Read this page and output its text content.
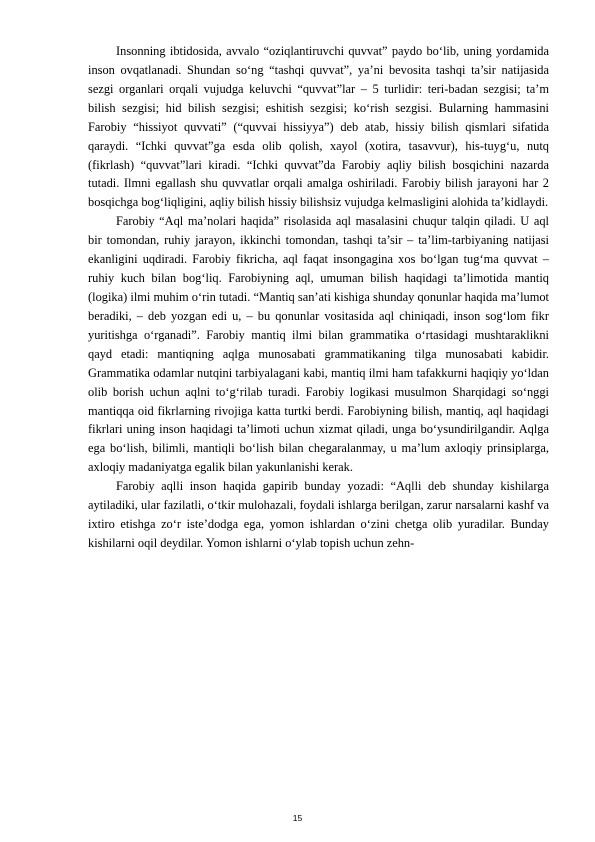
Insonning ibtidosida, avvalo “oziqlantiruvchi quvvat” paydo bo‘lib, uning yordamida inson ovqatlanadi. Shundan so‘ng “tashqi quvvat”, ya’ni bevosita tashqi ta’sir natijasida sezgi organlari orqali vujudga keluvchi “quvvat”lar – 5 turlidir: teri-badan sezgisi; ta’m bilish sezgisi; hid bilish sezgisi; eshitish sezgisi; ko‘rish sezgisi. Bularning hammasini Farobiy “hissiyot quvvati” (“quvvai hissiyya”) deb atab, hissiy bilish qismlari sifatida qaraydi. “Ichki quvvat”ga esda olib qolish, xayol (xotira, tasavvur), his-tuyg‘u, nutq (fikrlash) “quvvat”lari kiradi. “Ichki quvvat”da Farobiy aqliy bilish bosqichini nazarda tutadi. Ilmni egallash shu quvvatlar orqali amalga oshiriladi. Farobiy bilish jarayoni har 2 bosqichga bog‘liqligini, aqliy bilish hissiy bilishsiz vujudga kelmasligini alohida ta’kidlaydi.

Farobiy “Aql ma’nolari haqida” risolasida aql masalasini chuqur talqin qiladi. U aql bir tomondan, ruhiy jarayon, ikkinchi tomondan, tashqi ta’sir – ta’lim-tarbiyaning natijasi ekanligini uqdiradi. Farobiy fikricha, aql faqat insongagina xos bo‘lgan tug‘ma quvvat – ruhiy kuch bilan bog‘liq. Farobiyning aql, umuman bilish haqidagi ta’limotida mantiq (logika) ilmi muhim o‘rin tutadi. “Mantiq san’ati kishiga shunday qonunlar haqida ma’lumot beradiki, – deb yozgan edi u, – bu qonunlar vositasida aql chiniqadi, inson sog‘lom fikr yuritishga o‘rganadi”. Farobiy mantiq ilmi bilan grammatika o‘rtasidagi mushtaraklikni qayd etadi: mantiqning aqlga munosabati grammatikaning tilga munosabati kabidir. Grammatika odamlar nutqini tarbiyalagani kabi, mantiq ilmi ham tafakkurni haqiqiy yo‘ldan olib borish uchun aqlni to‘g‘rilab turadi. Farobiy logikasi musulmon Sharqidagi so‘nggi mantiqqa oid fikrlarning rivojiga katta turtki berdi. Farobiyning bilish, mantiq, aql haqidagi fikrlari uning inson haqidagi ta’limoti uchun xizmat qiladi, unga bo‘ysundirilgandir. Aqlga ega bo‘lish, bilimli, mantiqli bo‘lish bilan chegaralanmay, u ma’lum axloqiy prinsiplarga, axloqiy madaniyatga egalik bilan yakunlanishi kerak.

Farobiy aqlli inson haqida gapirib bunday yozadi: “Aqlli deb shunday kishilarga aytiladiki, ular fazilatli, o‘tkir mulohazali, foydali ishlarga berilgan, zarur narsalarni kashf va ixtiro etishga zo‘r iste’dodga ega, yomon ishlardan o‘zini chetga olib yuradilar. Bunday kishilarni oqil deydilar. Yomon ishlarni o‘ylab topish uchun zehn-

15
